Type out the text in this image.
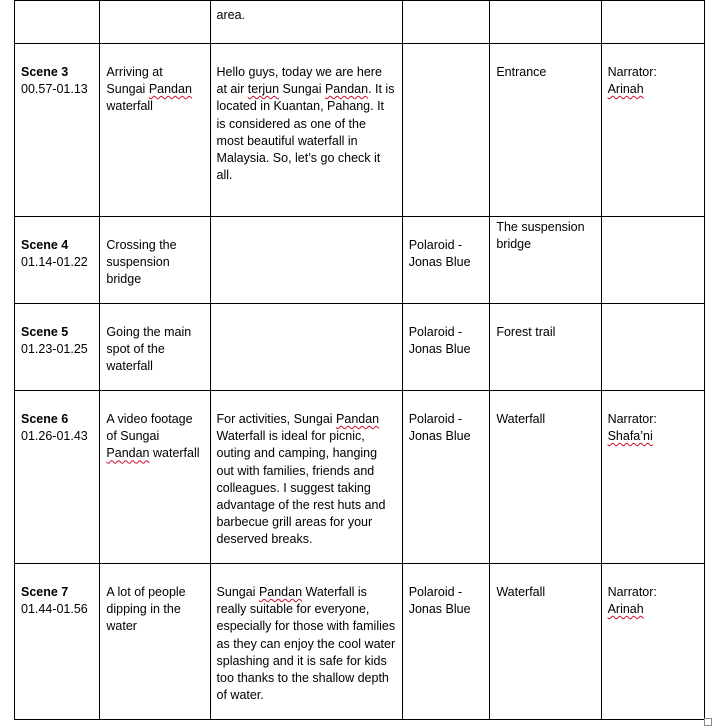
		area.			

Scene 3
00.57-01.13	Arriving at Sungai Pandan waterfall	Hello guys, today we are here at air terjun Sungai Pandan. It is located in Kuantan, Pahang. It is considered as one of the most beautiful waterfall in Malaysia. So, let’s go check it all.		Entrance	Narrator:
Arinah

Scene 4
01.14-01.22	Crossing the suspension bridge		Polaroid - Jonas Blue	The suspension bridge	

Scene 5
01.23-01.25	Going the main spot of the waterfall		Polaroid - Jonas Blue	Forest trail	

Scene 6
01.26-01.43	A video footage of Sungai Pandan waterfall	For activities, Sungai Pandan Waterfall is ideal for picnic, outing and camping, hanging out with families, friends and colleagues. I suggest taking advantage of the rest huts and barbecue grill areas for your deserved breaks.	Polaroid - Jonas Blue	Waterfall	Narrator:
Shafa’ni

Scene 7
01.44-01.56	A lot of people dipping in the water	Sungai Pandan Waterfall is really suitable for everyone, especially for those with families as they can enjoy the cool water splashing and it is safe for kids too thanks to the shallow depth of water.	Polaroid - Jonas Blue	Waterfall	Narrator:
Arinah
